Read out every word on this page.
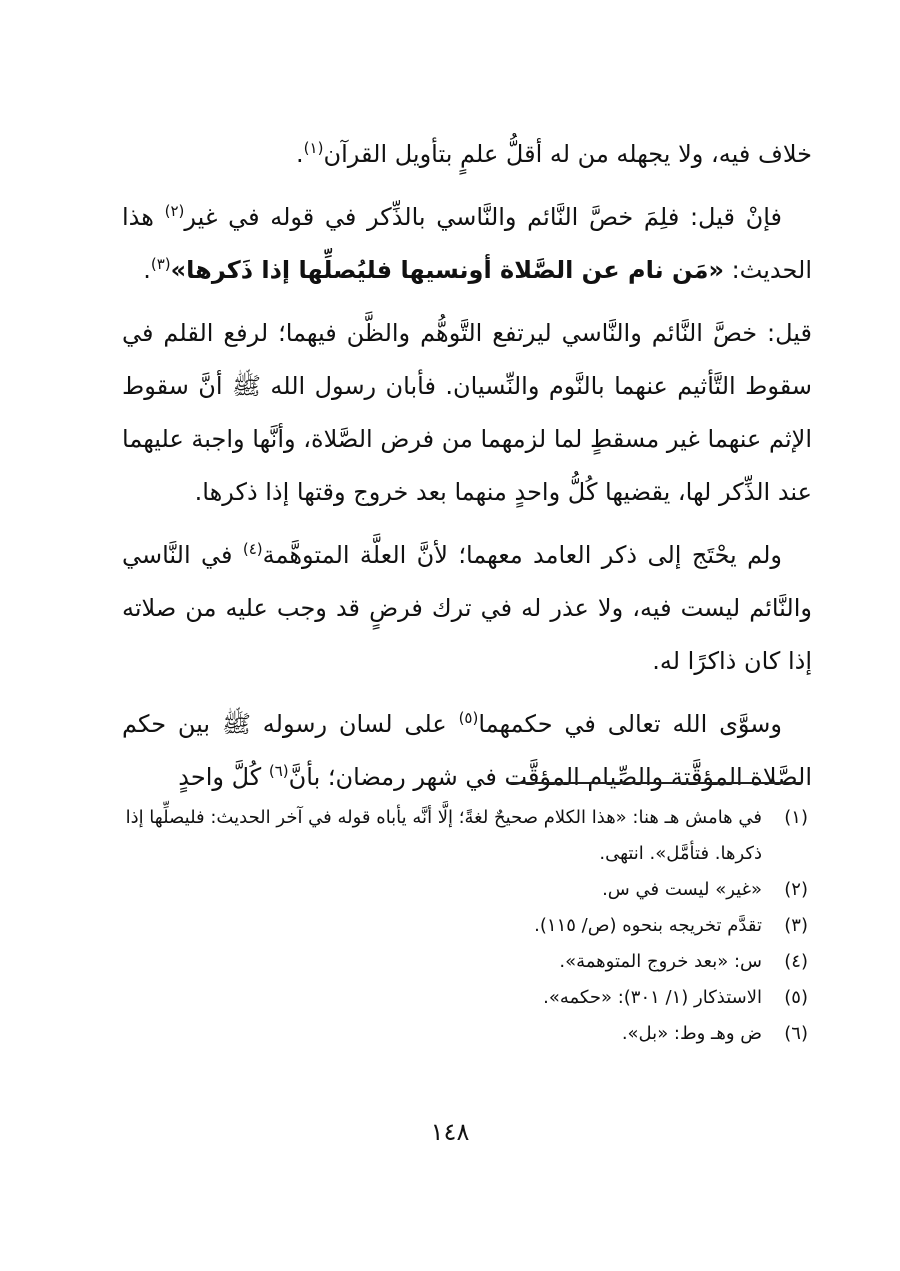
خلاف فيه، ولا يجهله من له أقلُّ علمٍ بتأويل القرآن$^{(١)}$.

فإنْ قيل: فلِمَ خصَّ النَّائم والنَّاسي بالذِّكر في قوله في غير$^{(٢)}$ هذا الحديث: «مَن نام عن الصَّلاة أونسيها فليُصلِّها إذا ذَكرها»$^{(٣)}$.

قيل: خصَّ النَّائم والنَّاسي ليرتفع التَّوهُّم والظَّن فيهما؛ لرفع القلم في سقوط التَّأثيم عنهما بالنَّوم والنِّسيان. فأبان رسول الله ﷺ أنَّ سقوط الإثم عنهما غير مسقطٍ لما لزمهما من فرض الصَّلاة، وأنَّها واجبة عليهما عند الذِّكر لها، يقضيها كُلُّ واحدٍ منهما بعد خروج وقتها إذا ذكرها.

ولم يحْتَج إلى ذكر العامد معهما؛ لأنَّ العلَّة المتوهَّمة$^{(٤)}$ في النَّاسي والنَّائم ليست فيه، ولا عذر له في ترك فرضٍ قد وجب عليه من صلاته إذا كان ذاكرًا له.

وسوَّى الله تعالى في حكمهما$^{(٥)}$ على لسان رسوله ﷺ بين حكم الصَّلاة المؤقَّتة والصِّيام المؤقَّت في شهر رمضان؛ بأنَّ$^{(٦)}$ كُلَّ واحدٍ

(١)
في هامش هـ هنا: «هذا الكلام صحيحٌ لغةً؛ إلَّا أنَّه يأباه قوله في آخر الحديث: فليصلِّها إذا ذكرها. فتأمَّل». انتهى.
(٢)
«غير» ليست في س.
(٣)
تقدَّم تخريجه بنحوه (ص/ ١١٥).
(٤)
س: «بعد خروج المتوهمة».
(٥)
الاستذكار (١/ ٣٠١): «حكمه».
(٦)
ض وهـ وط: «بل».
١٤٨
